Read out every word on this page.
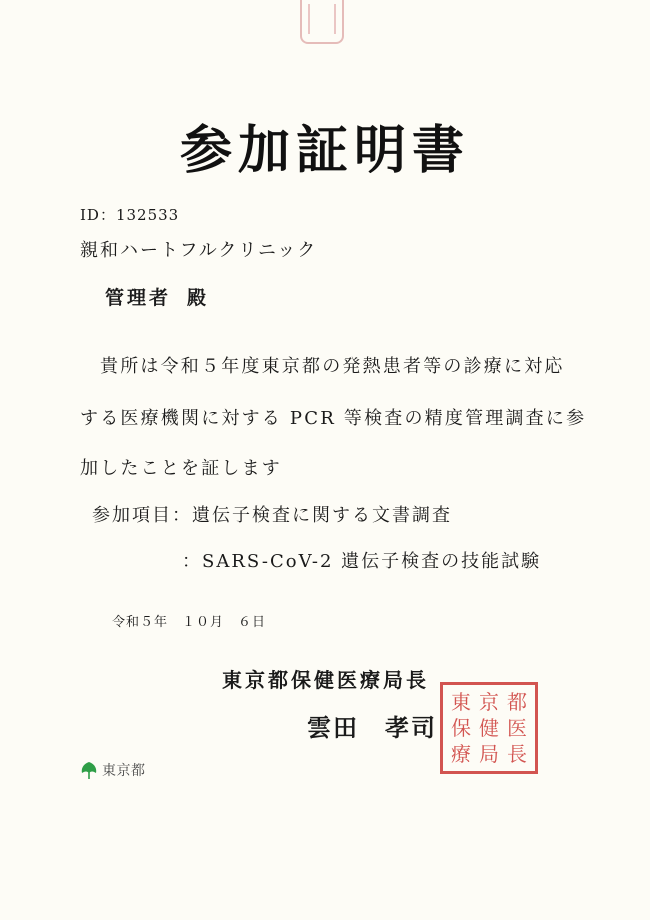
参加証明書
ID：132533
親和ハートフルクリニック
管理者 殿
貴所は令和５年度東京都の発熱患者等の診療に対応
する医療機関に対する PCR 等検査の精度管理調査に参
加したことを証します
参加項目：遺伝子検査に関する文書調査
：SARS-CoV-2 遺伝子検査の技能試験
令和５年　１０月　６日
東京都保健医療局長
雲田　孝司
東 京 都
保 健 医
療 局 長
東京都
